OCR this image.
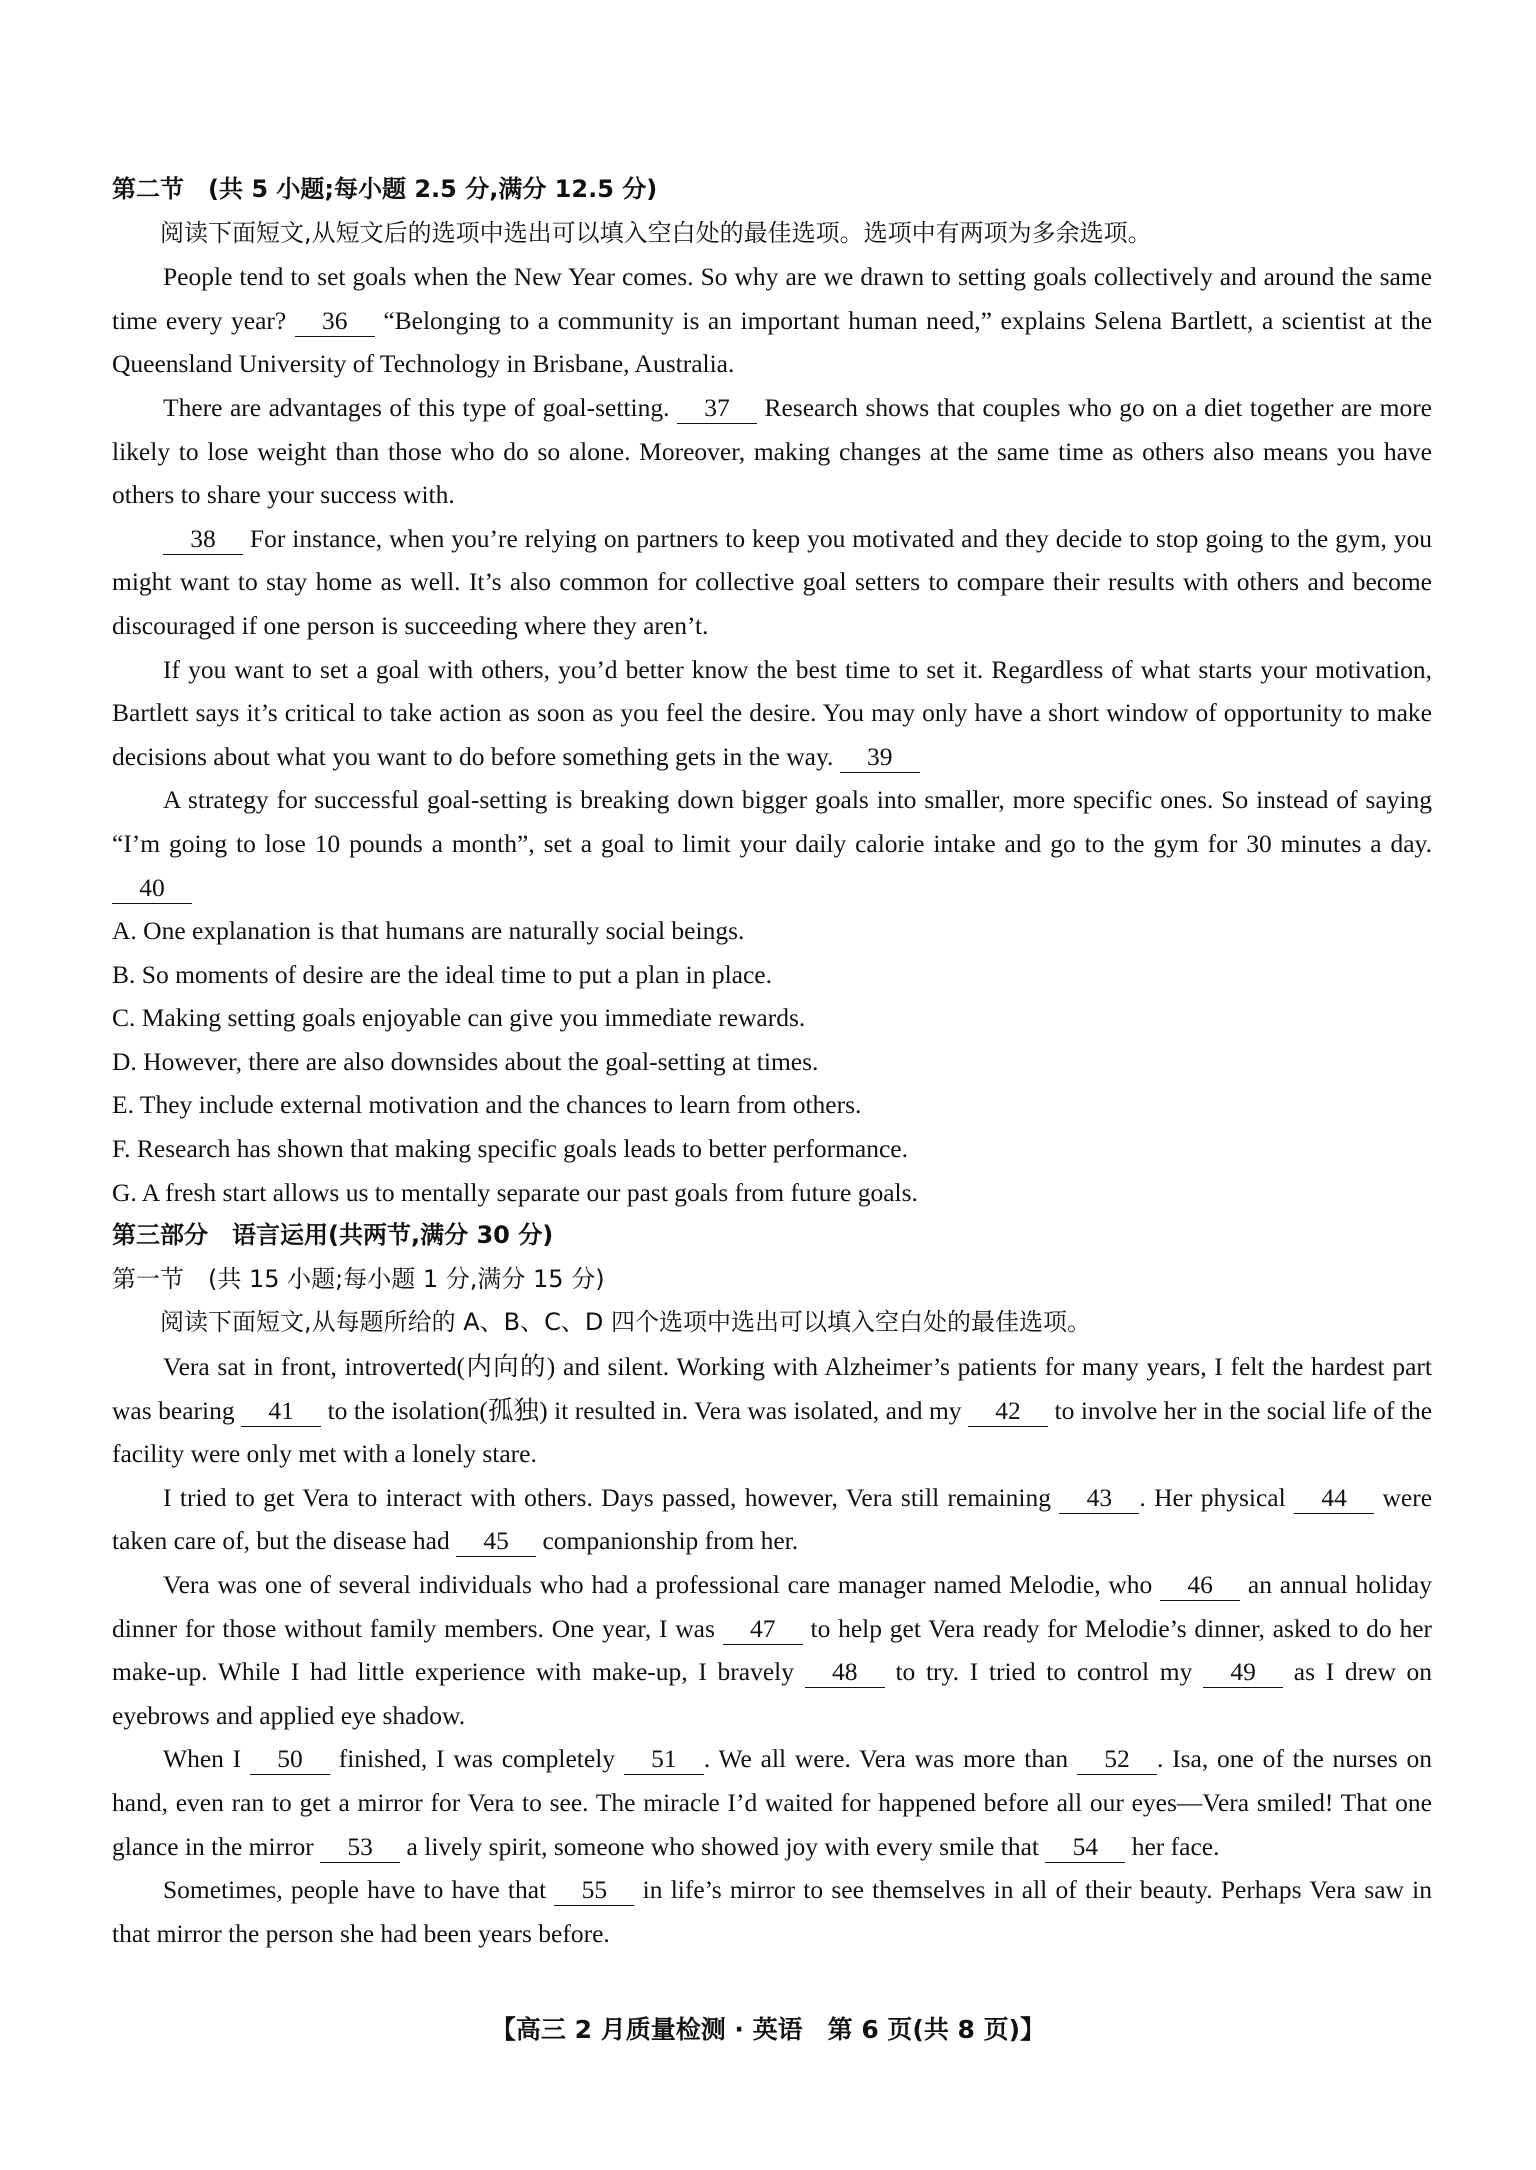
第二节　(共 5 小题;每小题 2.5 分,满分 12.5 分)

阅读下面短文,从短文后的选项中选出可以填入空白处的最佳选项。选项中有两项为多余选项。

People tend to set goals when the New Year comes. So why are we drawn to setting goals collectively and around the same time every year? 36 “Belonging to a community is an important human need,” explains Selena Bartlett, a scientist at the Queensland University of Technology in Brisbane, Australia.

There are advantages of this type of goal-setting. 37 Research shows that couples who go on a diet together are more likely to lose weight than those who do so alone. Moreover, making changes at the same time as others also means you have others to share your success with.

38 For instance, when you’re relying on partners to keep you motivated and they decide to stop going to the gym, you might want to stay home as well. It’s also common for collective goal setters to compare their results with others and become discouraged if one person is succeeding where they aren’t.

If you want to set a goal with others, you’d better know the best time to set it. Regardless of what starts your motivation, Bartlett says it’s critical to take action as soon as you feel the desire. You may only have a short window of opportunity to make decisions about what you want to do before something gets in the way. 39

A strategy for successful goal-setting is breaking down bigger goals into smaller, more specific ones. So instead of saying “I’m going to lose 10 pounds a month”, set a goal to limit your daily calorie intake and go to the gym for 30 minutes a day. 40

A. One explanation is that humans are naturally social beings.

B. So moments of desire are the ideal time to put a plan in place.

C. Making setting goals enjoyable can give you immediate rewards.

D. However, there are also downsides about the goal-setting at times.

E. They include external motivation and the chances to learn from others.

F. Research has shown that making specific goals leads to better performance.

G. A fresh start allows us to mentally separate our past goals from future goals.

第三部分　语言运用(共两节,满分 30 分)
第一节　(共 15 小题;每小题 1 分,满分 15 分)

阅读下面短文,从每题所给的 A、B、C、D 四个选项中选出可以填入空白处的最佳选项。

Vera sat in front, introverted(内向的) and silent. Working with Alzheimer’s patients for many years, I felt the hardest part was bearing 41 to the isolation(孤独) it resulted in. Vera was isolated, and my 42 to involve her in the social life of the facility were only met with a lonely stare.

I tried to get Vera to interact with others. Days passed, however, Vera still remaining 43 . Her physical 44 were taken care of, but the disease had 45 companionship from her.

Vera was one of several individuals who had a professional care manager named Melodie, who 46 an annual holiday dinner for those without family members. One year, I was 47 to help get Vera ready for Melodie’s dinner, asked to do her make-up. While I had little experience with make-up, I bravely 48 to try. I tried to control my 49 as I drew on eyebrows and applied eye shadow.

When I 50 finished, I was completely 51 . We all were. Vera was more than 52 . Isa, one of the nurses on hand, even ran to get a mirror for Vera to see. The miracle I’d waited for happened before all our eyes—Vera smiled! That one glance in the mirror 53 a lively spirit, someone who showed joy with every smile that 54 her face.

Sometimes, people have to have that 55 in life’s mirror to see themselves in all of their beauty. Perhaps Vera saw in that mirror the person she had been years before.

【高三 2 月质量检测 · 英语　第 6 页(共 8 页)】
